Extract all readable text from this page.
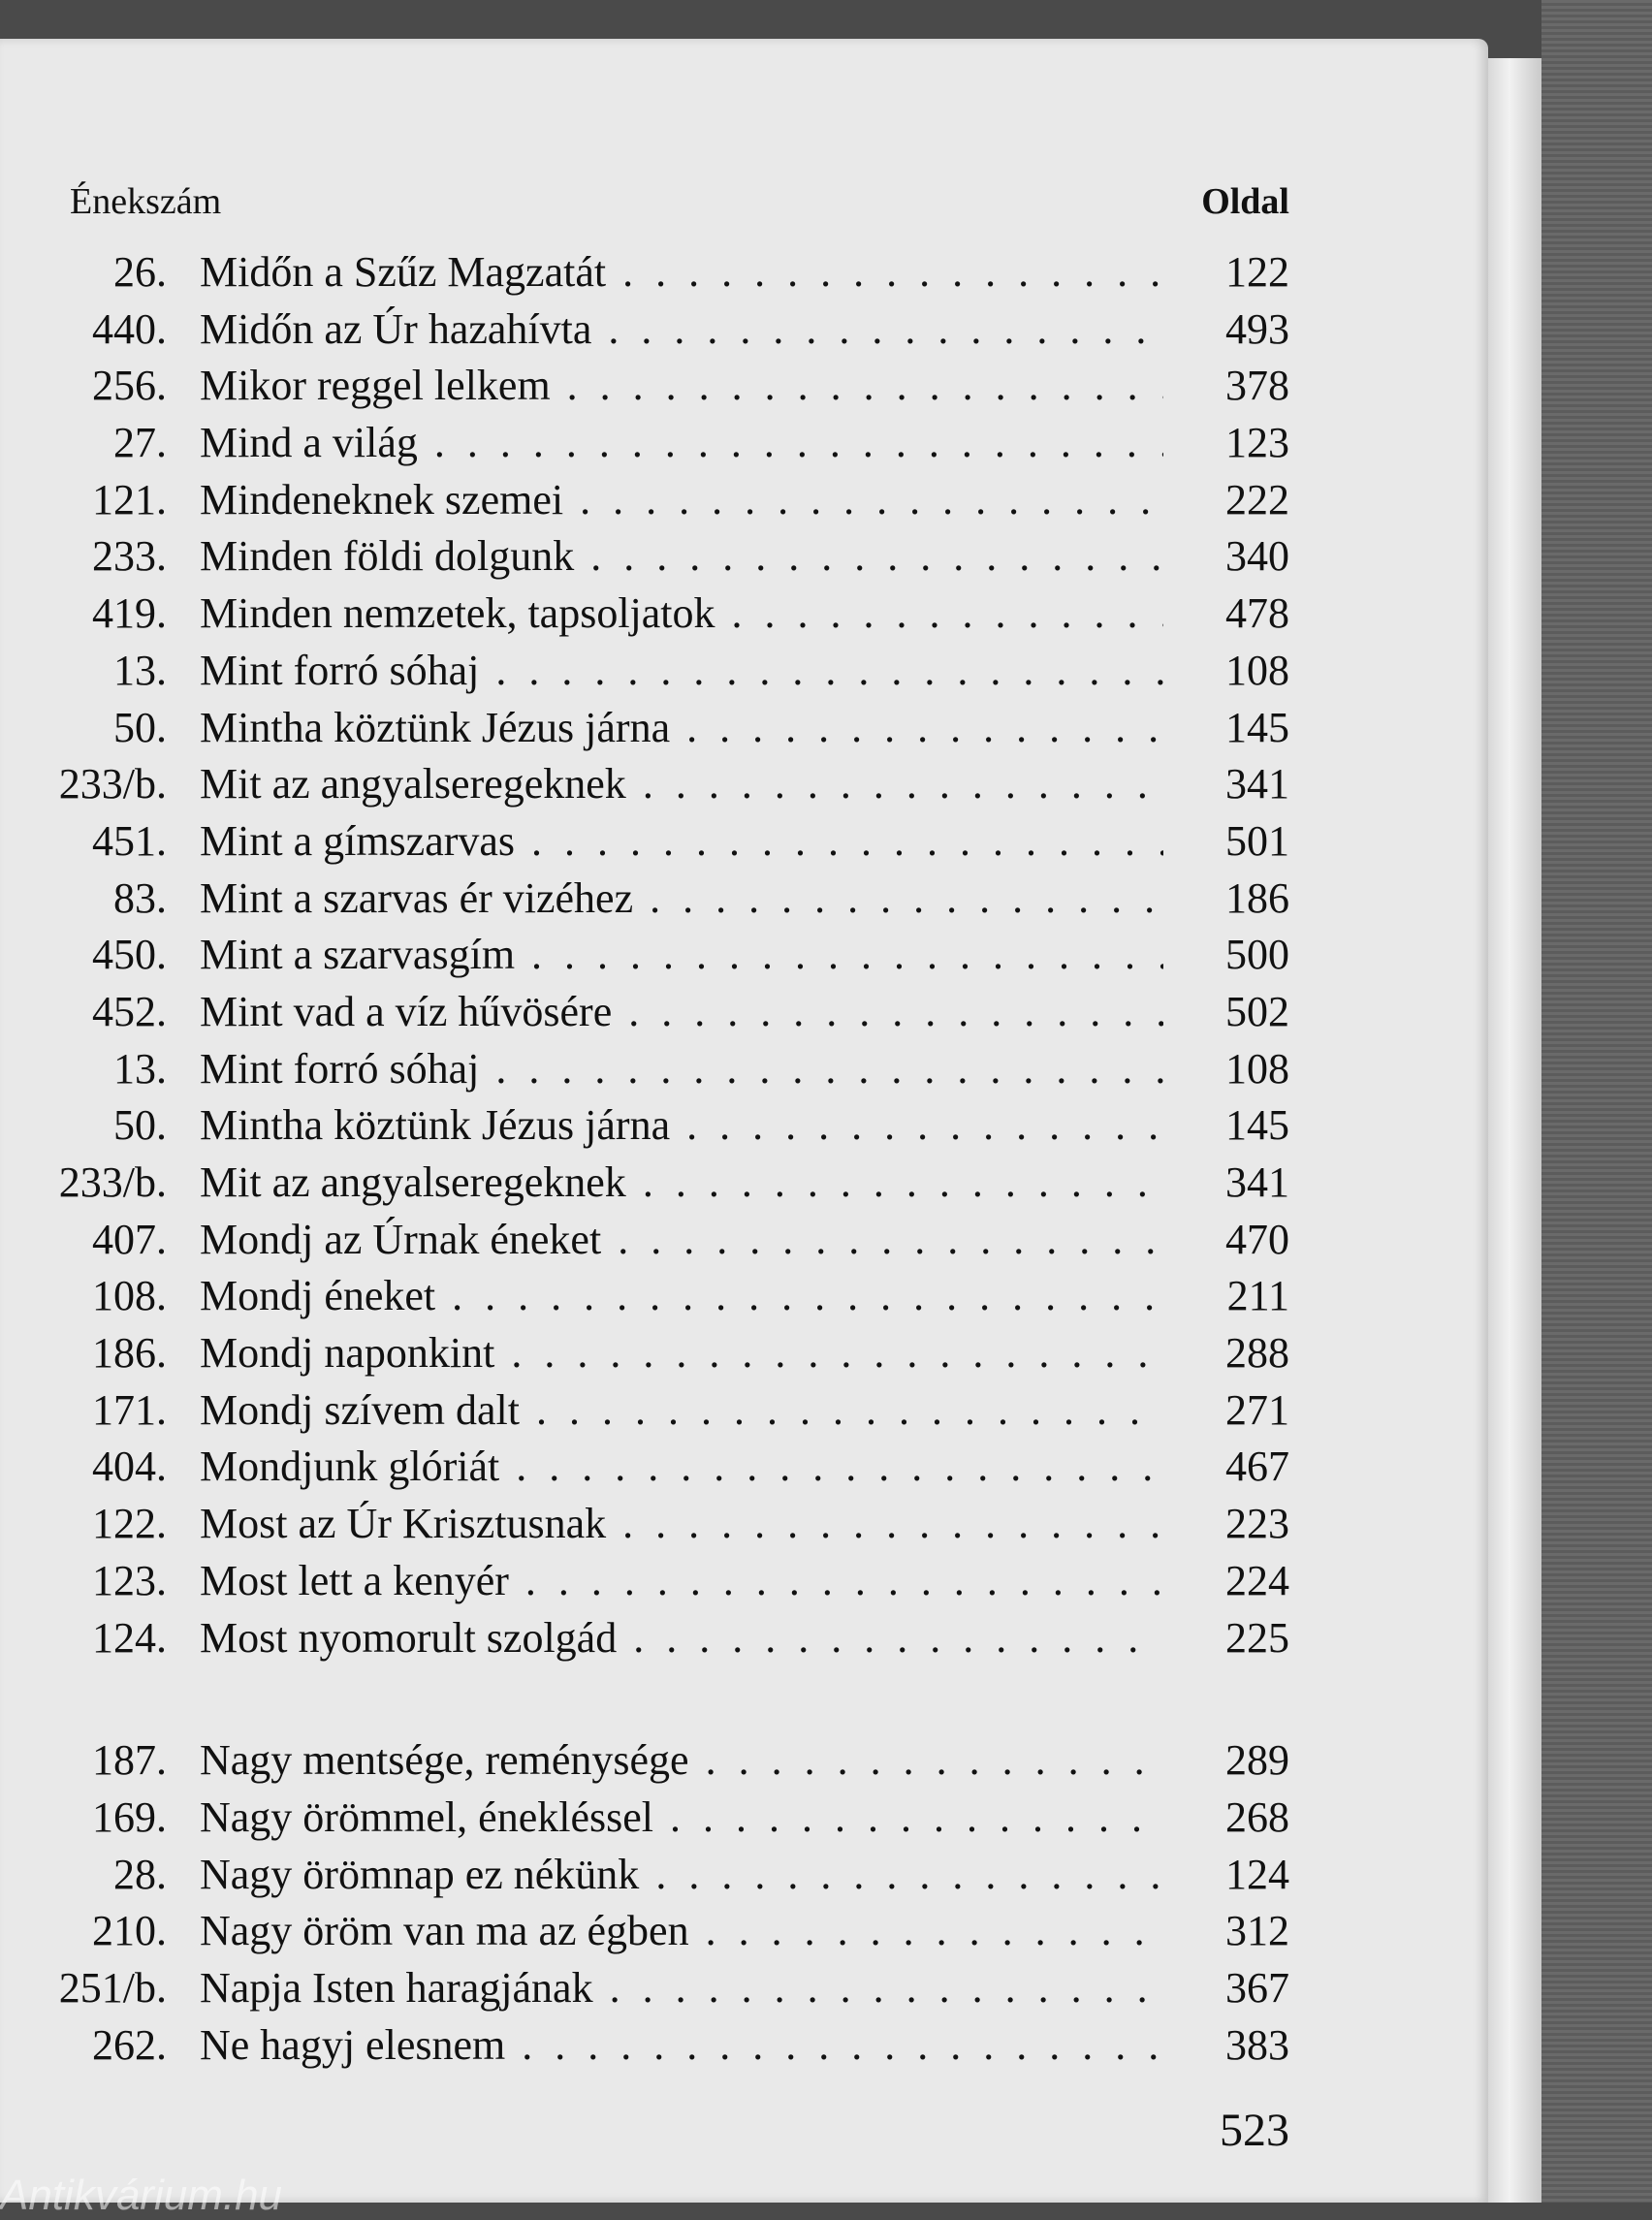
Énekszám	Oldal
26. Midőn a Szűz Magzatát . . .	122
440. Midőn az Úr hazahívta . . .	493
256. Mikor reggel lelkem . . .	378
27. Mind a világ . . .	123
121. Mindeneknek szemei . . .	222
233. Minden földi dolgunk . . .	340
419. Minden nemzetek, tapsoljatok . . .	478
13. Mint forró sóhaj . . .	108
50. Mintha köztünk Jézus járna . . .	145
233/b. Mit az angyalseregeknek . . .	341
451. Mint a gímszarvas . . .	501
83. Mint a szarvas ér vizéhez . . .	186
450. Mint a szarvasgím . . .	500
452. Mint vad a víz hűvösére . . .	502
13. Mint forró sóhaj . . .	108
50. Mintha köztünk Jézus járna . . .	145
233/b. Mit az angyalseregeknek . . .	341
407. Mondj az Úrnak éneket . . .	470
108. Mondj éneket . . .	211
186. Mondj naponkint . . .	288
171. Mondj szívem dalt . . .	271
404. Mondjunk glóriát . . .	467
122. Most az Úr Krisztusnak . . .	223
123. Most lett a kenyér . . .	224
124. Most nyomorult szolgád . . .	225
187. Nagy mentsége, reménysége . . .	289
169. Nagy örömmel, énekléssel . . .	268
28. Nagy örömnap ez nékünk . . .	124
210. Nagy öröm van ma az égben . . .	312
251/b. Napja Isten haragjának . . .	367
262. Ne hagyj elesnem . . .	383
523
Antikvárium.hu
